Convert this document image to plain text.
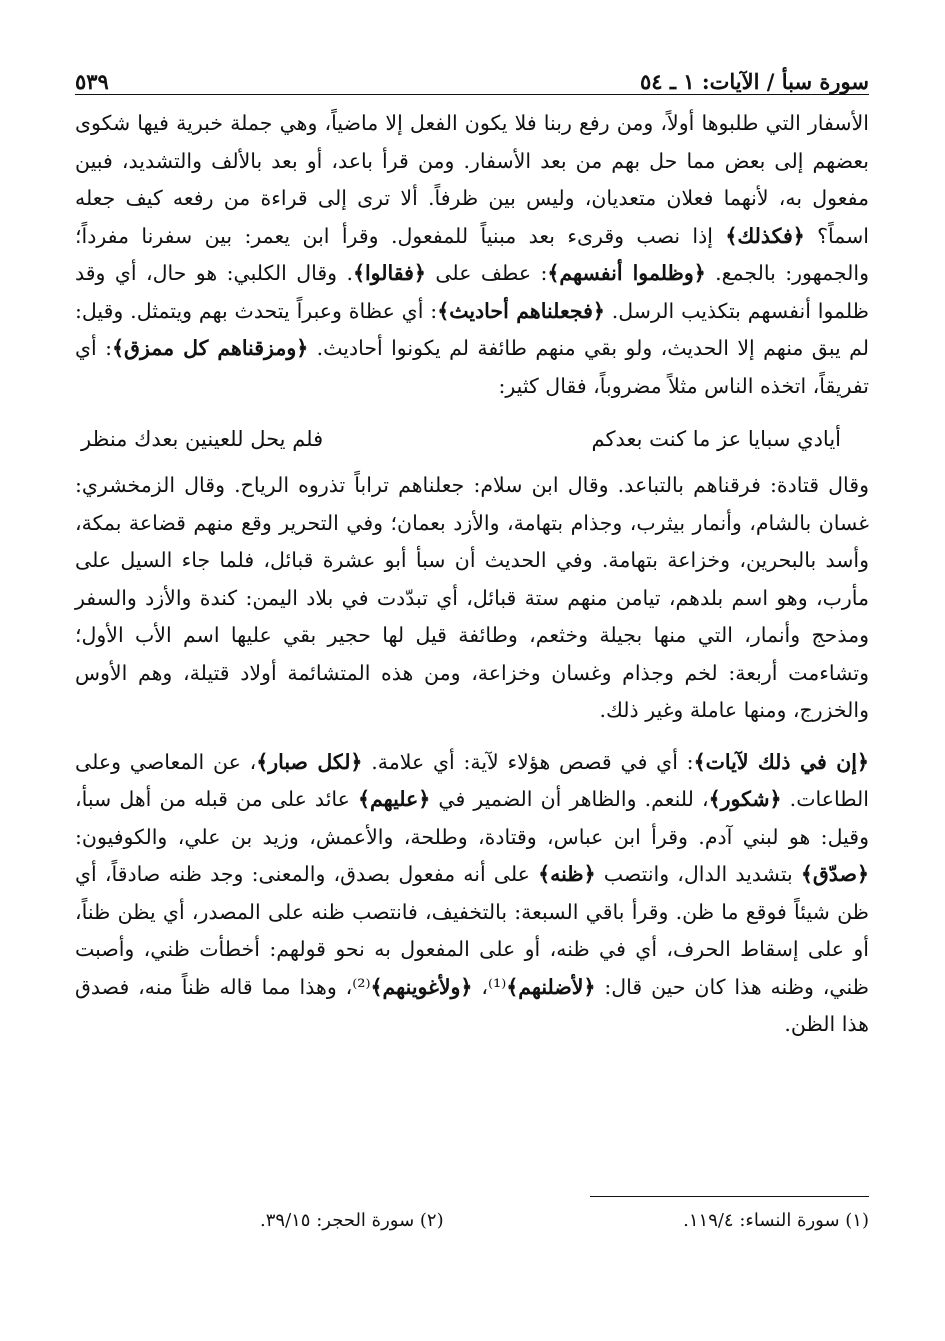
سورة سبأ / الآيات: ١ ـ ٥٤
٥٣٩

الأسفار التي طلبوها أولاً، ومن رفع ربنا فلا يكون الفعل إلا ماضياً، وهي جملة خبرية فيها شكوى بعضهم إلى بعض مما حل بهم من بعد الأسفار. ومن قرأ باعد، أو بعد بالألف والتشديد، فبين مفعول به، لأنهما فعلان متعديان، وليس بين ظرفاً. ألا ترى إلى قراءة من رفعه كيف جعله اسماً؟ ﴿فكذلك﴾ إذا نصب وقرىء بعد مبنياً للمفعول. وقرأ ابن يعمر: بين سفرنا مفرداً؛ والجمهور: بالجمع. ﴿وظلموا أنفسهم﴾: عطف على ﴿فقالوا﴾. وقال الكلبي: هو حال، أي وقد ظلموا أنفسهم بتكذيب الرسل. ﴿فجعلناهم أحاديث﴾: أي عظاة وعبراً يتحدث بهم ويتمثل. وقيل: لم يبق منهم إلا الحديث، ولو بقي منهم طائفة لم يكونوا أحاديث. ﴿ومزقناهم كل ممزق﴾: أي تفريقاً، اتخذه الناس مثلاً مضروباً، فقال كثير:

أيادي سبايا عز ما كنت بعدكم
فلم يحل للعينين بعدك منظر

وقال قتادة: فرقناهم بالتباعد. وقال ابن سلام: جعلناهم تراباً تذروه الرياح. وقال الزمخشري: غسان بالشام، وأنمار بيثرب، وجذام بتهامة، والأزد بعمان؛ وفي التحرير وقع منهم قضاعة بمكة، وأسد بالبحرين، وخزاعة بتهامة. وفي الحديث أن سبأ أبو عشرة قبائل، فلما جاء السيل على مأرب، وهو اسم بلدهم، تيامن منهم ستة قبائل، أي تبدّدت في بلاد اليمن: كندة والأزد والسفر ومذحج وأنمار، التي منها بجيلة وخثعم، وطائفة قيل لها حجير بقي عليها اسم الأب الأول؛ وتشاءمت أربعة: لخم وجذام وغسان وخزاعة، ومن هذه المتشائمة أولاد قتيلة، وهم الأوس والخزرج، ومنها عاملة وغير ذلك.

﴿إن في ذلك لآيات﴾: أي في قصص هؤلاء لآية: أي علامة. ﴿لكل صبار﴾، عن المعاصي وعلى الطاعات. ﴿شكور﴾، للنعم. والظاهر أن الضمير في ﴿عليهم﴾ عائد على من قبله من أهل سبأ، وقيل: هو لبني آدم. وقرأ ابن عباس، وقتادة، وطلحة، والأعمش، وزيد بن علي، والكوفيون: ﴿صدّق﴾ بتشديد الدال، وانتصب ﴿ظنه﴾ على أنه مفعول بصدق، والمعنى: وجد ظنه صادقاً، أي ظن شيئاً فوقع ما ظن. وقرأ باقي السبعة: بالتخفيف، فانتصب ظنه على المصدر، أي يظن ظناً، أو على إسقاط الحرف، أي في ظنه، أو على المفعول به نحو قولهم: أخطأت ظني، وأصبت ظني، وظنه هذا كان حين قال: ﴿لأضلنهم﴾⁽¹⁾، ﴿ولأغوينهم﴾⁽²⁾، وهذا مما قاله ظناً منه، فصدق هذا الظن.

(١) سورة النساء: ١١٩/٤.
(٢) سورة الحجر: ٣٩/١٥.
